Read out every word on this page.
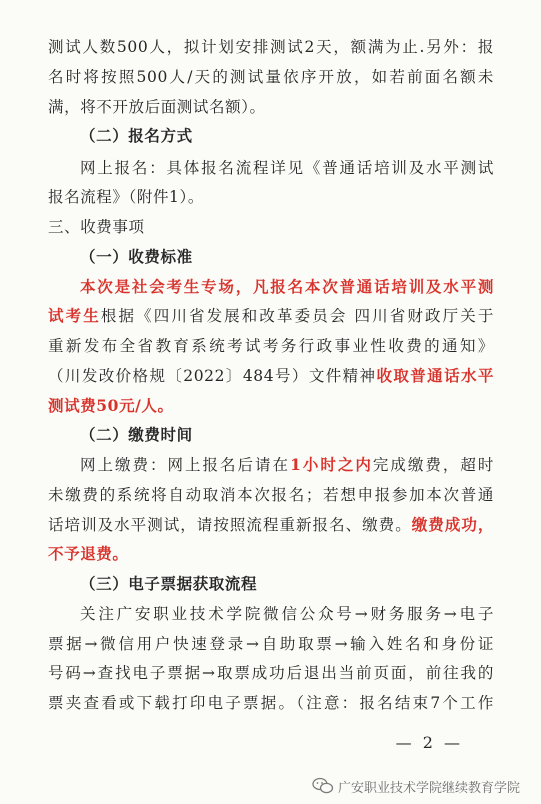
测试人数500人，拟计划安排测试2天，额满为止.另外：报
名时将按照500人/天的测试量依序开放，如若前面名额未
满，将不开放后面测试名额）。
（二）报名方式
网上报名：具体报名流程详见《普通话培训及水平测试
报名流程》（附件1）。
三、收费事项
（一）收费标准
本次是社会考生专场，凡报名本次普通话培训及水平测
试考生根据《四川省发展和改革委员会 四川省财政厅关于
重新发布全省教育系统考试考务行政事业性收费的通知》
（川发改价格规〔2022〕484号）文件精神收取普通话水平
测试费50元/人。
（二）缴费时间
网上缴费：网上报名后请在1小时之内完成缴费，超时
未缴费的系统将自动取消本次报名；若想申报参加本次普通
话培训及水平测试，请按照流程重新报名、缴费。缴费成功，
不予退费。
（三）电子票据获取流程
关注广安职业技术学院微信公众号→财务服务→电子
票据→微信用户快速登录→自助取票→输入姓名和身份证
号码→查找电子票据→取票成功后退出当前页面，前往我的
票夹查看或下载打印电子票据。（注意：报名结束7个工作
— 2 —
广安职业技术学院继续教育学院
